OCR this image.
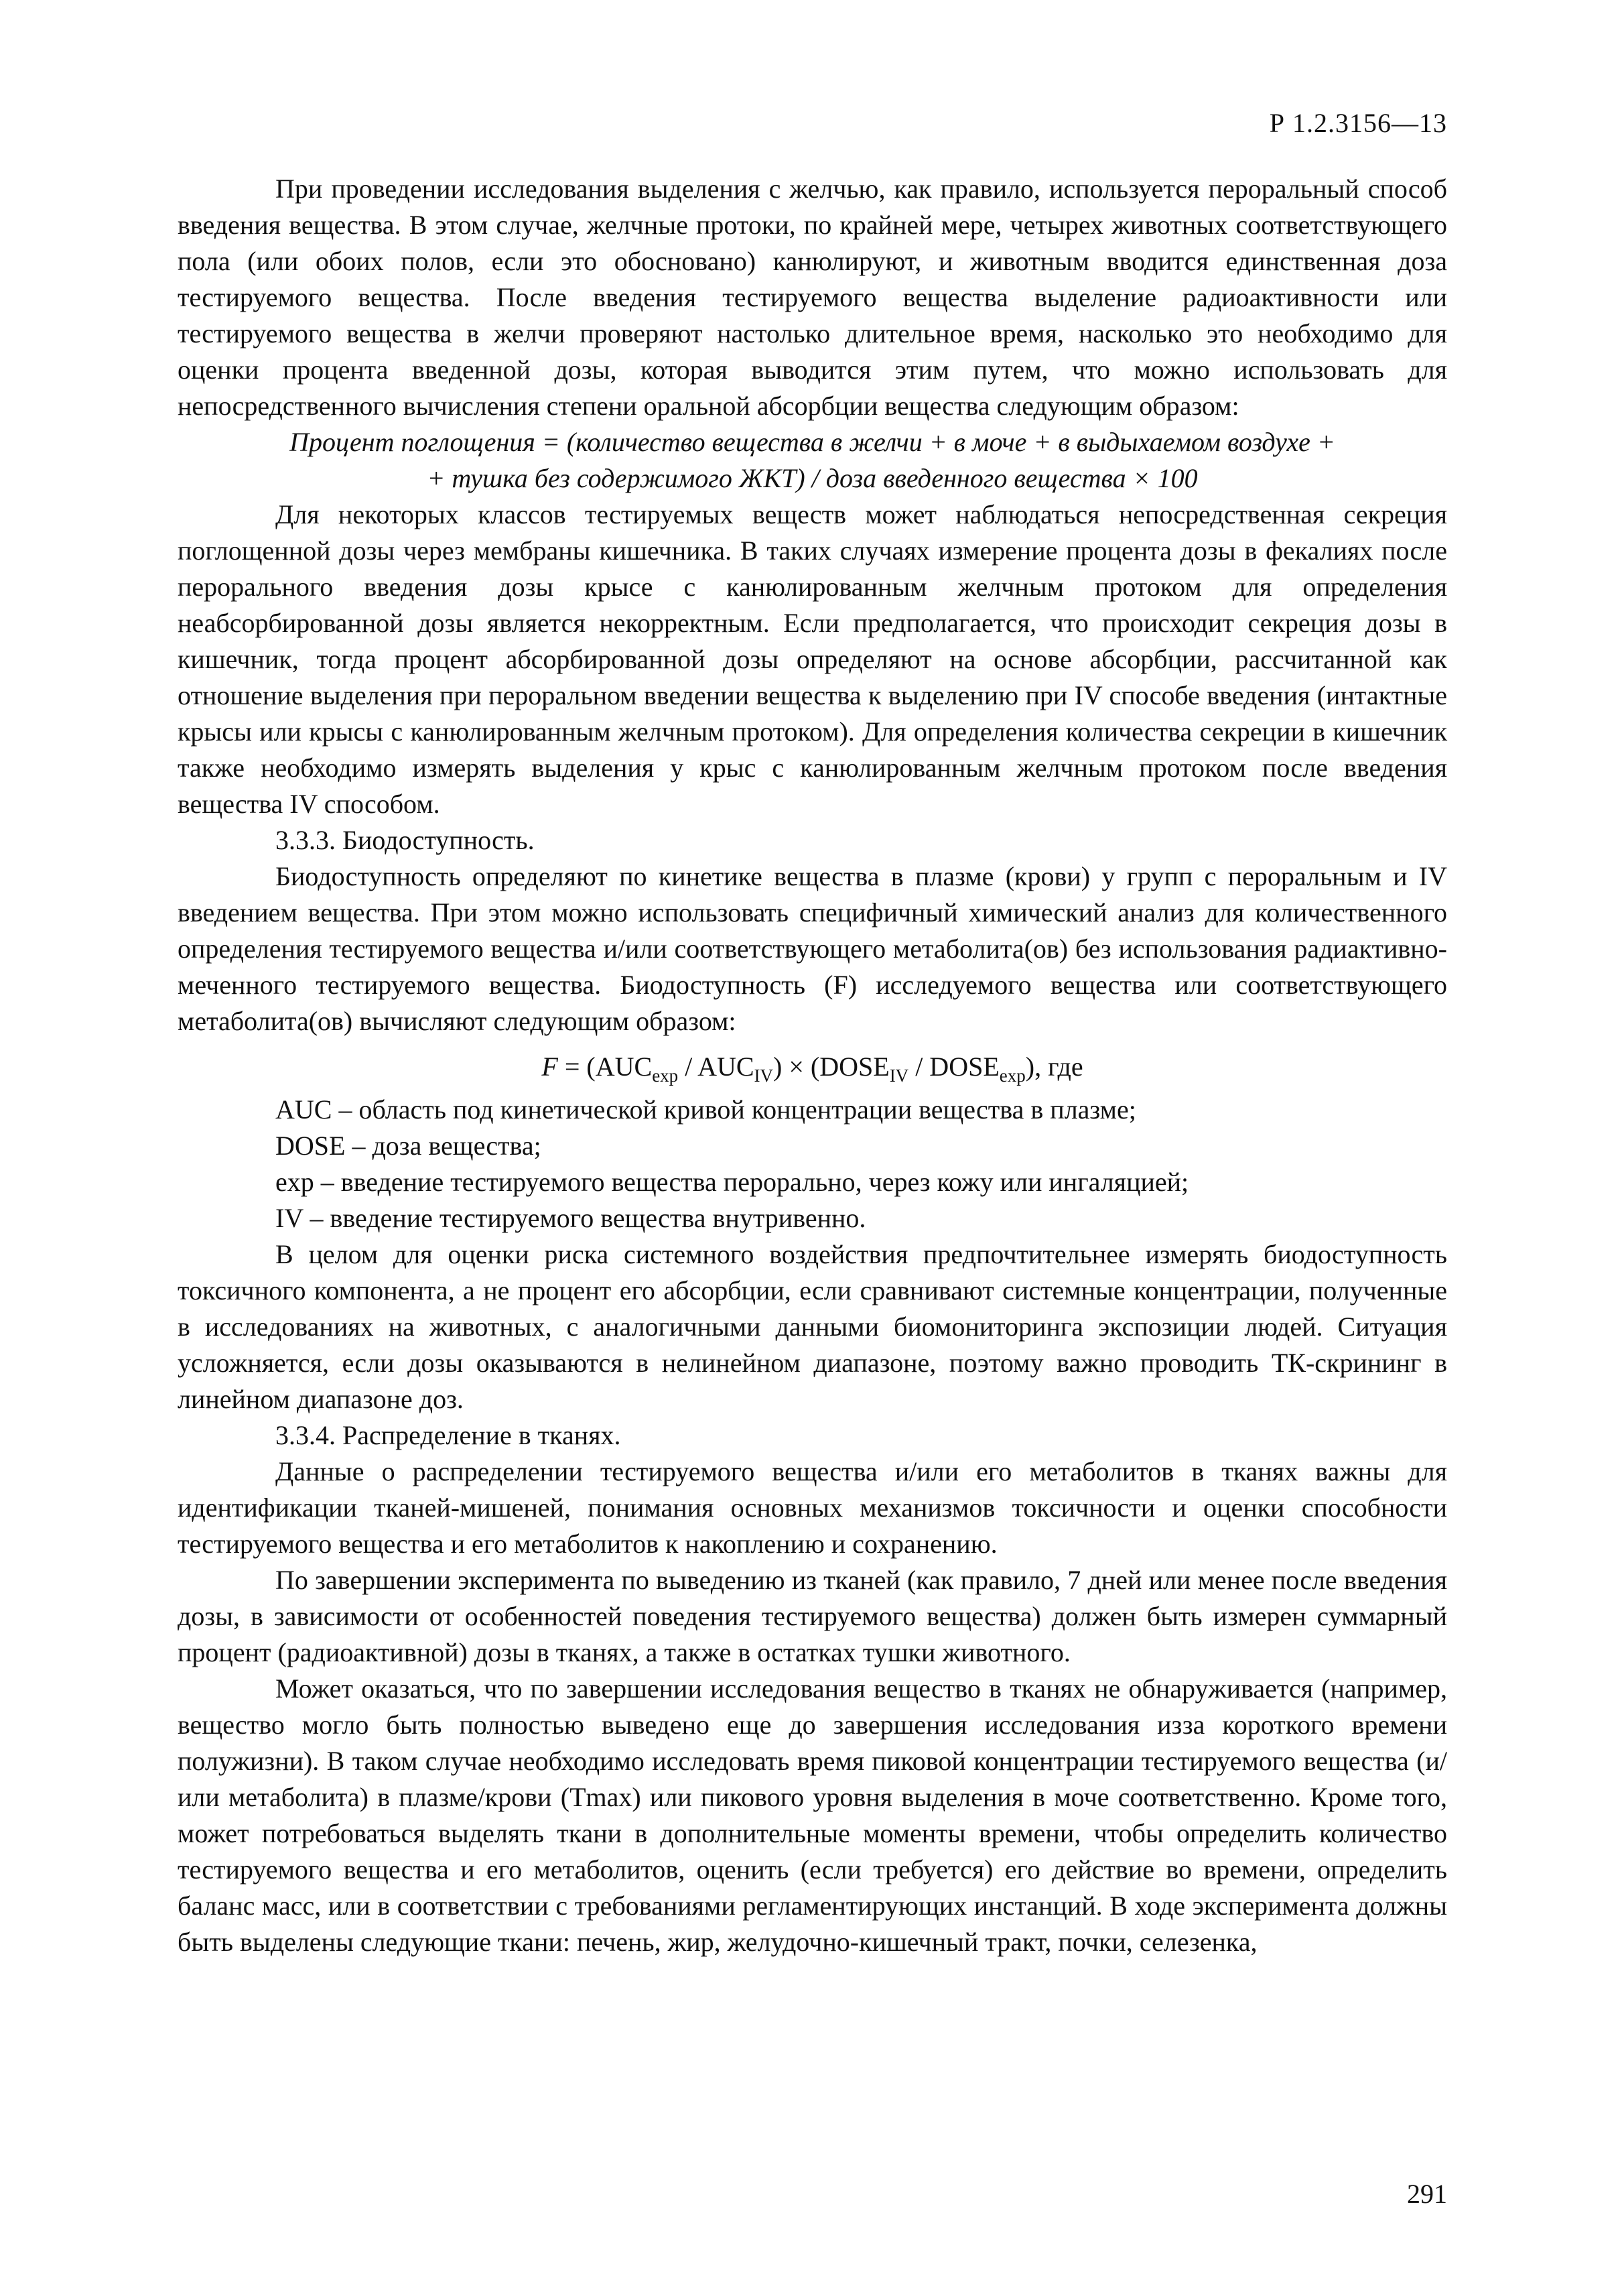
Р 1.2.3156—13

При проведении исследования выделения с желчью, как правило, используется пероральный способ введения вещества. В этом случае, желчные протоки, по крайней мере, четырех животных соответствующего пола (или обоих полов, если это обосновано) канюлируют, и животным вводится единственная доза тестируемого вещества. После введения тестируемого вещества выделение радиоактивности или тестируемого вещества в желчи проверяют настолько длительное время, насколько это необходимо для оценки процента введенной дозы, которая выводится этим путем, что можно использовать для непосредственного вычисления степени оральной абсорбции вещества следующим образом:

Процент поглощения = (количество вещества в желчи + в моче + в выдыхаемом воздухе +

+ тушка без содержимого ЖКТ) / доза введенного вещества × 100

Для некоторых классов тестируемых веществ может наблюдаться непосредственная секреция поглощенной дозы через мембраны кишечника. В таких случаях измерение процента дозы в фекалиях после перорального введения дозы крысе с канюлированным желчным протоком для определения неабсорбированной дозы является некорректным. Если предполагается, что происходит секреция дозы в кишечник, тогда процент абсорбированной дозы определяют на основе абсорбции, рассчитанной как отношение выделения при пероральном введении вещества к выделению при IV способе введения (интактные крысы или крысы с канюлированным желчным протоком). Для определения количества секреции в кишечник также необходимо измерять выделения у крыс с канюлированным желчным протоком после введения вещества IV способом.

3.3.3. Биодоступность.

Биодоступность определяют по кинетике вещества в плазме (крови) у групп с пероральным и IV введением вещества. При этом можно использовать специфичный химический анализ для количественного определения тестируемого вещества и/или соответствующего метаболита(ов) без использования радиактивно-меченного тестируемого вещества. Биодоступность (F) исследуемого вещества или соответствующего метаболита(ов) вычисляют следующим образом:

$F = (AUC_{exp} / AUC_{IV})$ × ($DOSE_{IV}$ / $DOSE_{exp}$), где

AUC – область под кинетической кривой концентрации вещества в плазме;

DOSE – доза вещества;

exp – введение тестируемого вещества перорально, через кожу или ингаляцией;

IV – введение тестируемого вещества внутривенно.

В целом для оценки риска системного воздействия предпочтительнее измерять биодоступность токсичного компонента, а не процент его абсорбции, если сравнивают системные концентрации, полученные в исследованиях на животных, с аналогичными данными биомониторинга экспозиции людей. Ситуация усложняется, если дозы оказываются в нелинейном диапазоне, поэтому важно проводить ТК-скрининг в линейном диапазоне доз.

3.3.4. Распределение в тканях.

Данные о распределении тестируемого вещества и/или его метаболитов в тканях важны для идентификации тканей-мишеней, понимания основных механизмов токсичности и оценки способности тестируемого вещества и его метаболитов к накоплению и сохранению.

По завершении эксперимента по выведению из тканей (как правило, 7 дней или менее после введения дозы, в зависимости от особенностей поведения тестируемого вещества) должен быть измерен суммарный процент (радиоактивной) дозы в тканях, а также в остатках тушки животного.

Может оказаться, что по завершении исследования вещество в тканях не обнаруживается (например, вещество могло быть полностью выведено еще до завершения исследования изза короткого времени полужизни). В таком случае необходимо исследовать время пиковой концентрации тестируемого вещества (и/или метаболита) в плазме/крови (Tmax) или пикового уровня выделения в моче соответственно. Кроме того, может потребоваться выделять ткани в дополнительные моменты времени, чтобы определить количество тестируемого вещества и его метаболитов, оценить (если требуется) его действие во времени, определить баланс масс, или в соответствии с требованиями регламентирующих инстанций. В ходе эксперимента должны быть выделены следующие ткани: печень, жир, желудочно-кишечный тракт, почки, селезенка,

291
